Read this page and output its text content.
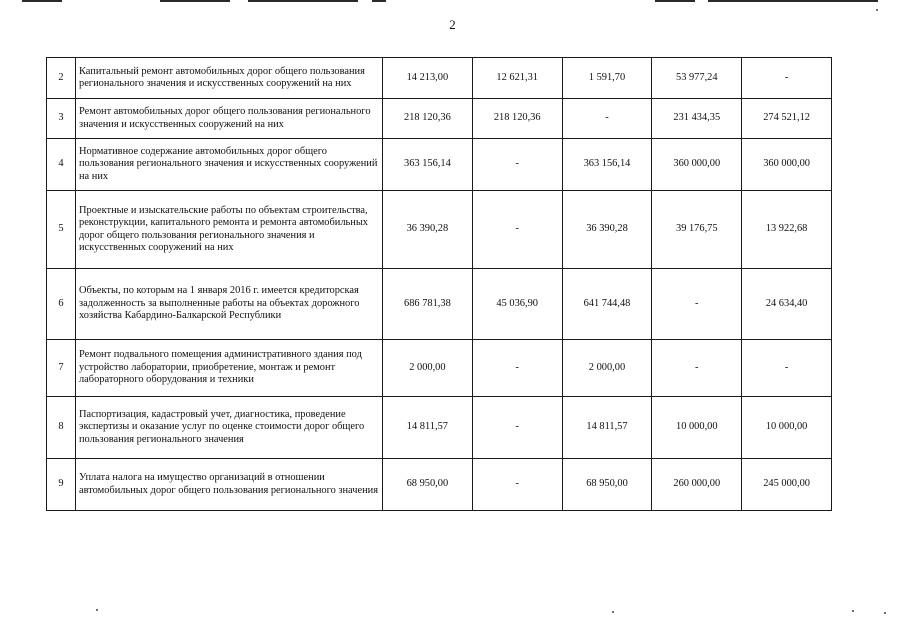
2
2	Капитальный ремонт автомобильных дорог общего пользования регионального значения и искусственных сооружений на них	14 213,00	12 621,31	1 591,70	53 977,24	-
3	Ремонт автомобильных дорог общего пользования регионального значения и искусственных сооружений на них	218 120,36	218 120,36	-	231 434,35	274 521,12
4	Нормативное содержание автомобильных дорог общего пользования регионального значения и искусственных сооружений на них	363 156,14	-	363 156,14	360 000,00	360 000,00
5	Проектные и изыскательские работы по объектам строительства, реконструкции, капитального ремонта и ремонта автомобильных дорог общего пользования регионального значения и искусственных сооружений на них	36 390,28	-	36 390,28	39 176,75	13 922,68
6	Объекты, по которым на 1 января 2016 г. имеется кредиторская задолженность за выполненные работы на объектах дорожного хозяйства Кабардино-Балкарской Республики	686 781,38	45 036,90	641 744,48	-	24 634,40
7	Ремонт подвального помещения административного здания под устройство лаборатории, приобретение, монтаж и ремонт лабораторного оборудования и техники	2 000,00	-	2 000,00	-	-
8	Паспортизация, кадастровый учет, диагностика, проведение экспертизы и оказание услуг по оценке стоимости дорог общего пользования регионального значения	14 811,57	-	14 811,57	10 000,00	10 000,00
9	Уплата налога на имущество организаций в отношении автомобильных дорог общего пользования регионального значения	68 950,00	-	68 950,00	260 000,00	245 000,00
